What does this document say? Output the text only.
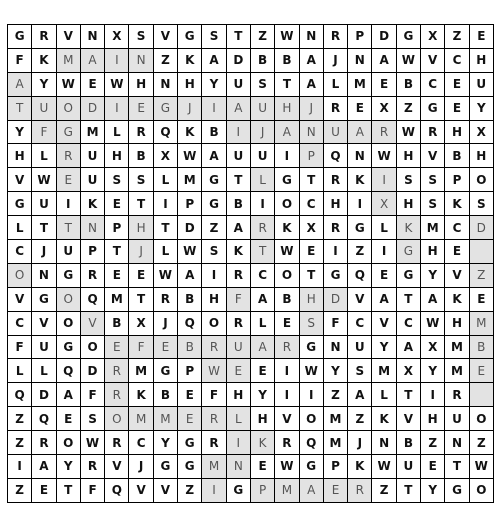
G	R	V	N	X	S	V	G	S	T	Z	W	N	R	P	D	G	X	Z	E
F	K	M	A	I	N	Z	K	A	D	B	B	A	J	N	A	W	V	C	H
A	Y	W	E	W	H	N	H	Y	U	S	T	A	L	M	E	B	C	E	U
T	U	O	D	I	E	G	J	I	A	U	H	J	R	E	X	Z	G	E	Y
Y	F	G	M	L	R	Q	K	B	I	J	A	N	U	A	R	W	R	H	X
H	L	R	U	H	B	X	W	A	U	U	I	P	Q	N	W	H	V	B	H
V	W	E	U	S	S	L	M	G	T	L	G	T	R	K	I	S	S	P	O
G	U	I	K	E	T	I	P	G	B	I	O	C	H	I	X	H	S	K	S
L	T	T	N	P	H	T	D	Z	A	R	K	X	R	G	L	K	M	C	D
C	J	U	P	T	J	L	W	S	K	T	W	E	I	Z	I	G	H	E	
O	N	G	R	E	E	W	A	I	R	C	O	T	G	Q	E	G	Y	V	Z
V	G	O	Q	M	T	R	B	H	F	A	B	H	D	V	A	T	A	K	E
C	V	O	V	B	X	J	Q	O	R	L	E	S	F	C	V	C	W	H	M
F	U	G	O	E	F	E	B	R	U	A	R	G	N	U	Y	A	X	M	B
L	L	Q	D	R	M	G	P	W	E	E	I	W	Y	S	M	X	Y	M	E
Q	D	A	F	R	K	B	E	F	H	Y	I	I	Z	A	L	T	I	R	
Z	Q	E	S	O	M	M	E	R	L	H	V	O	M	Z	K	V	H	U	O
Z	R	O	W	R	C	Y	G	R	I	K	R	Q	M	J	N	B	Z	N	Z
I	A	Y	R	V	J	G	G	M	N	E	W	G	P	K	W	U	E	T	W
Z	E	T	F	Q	V	V	Z	I	G	P	M	A	E	R	Z	T	Y	G	O
